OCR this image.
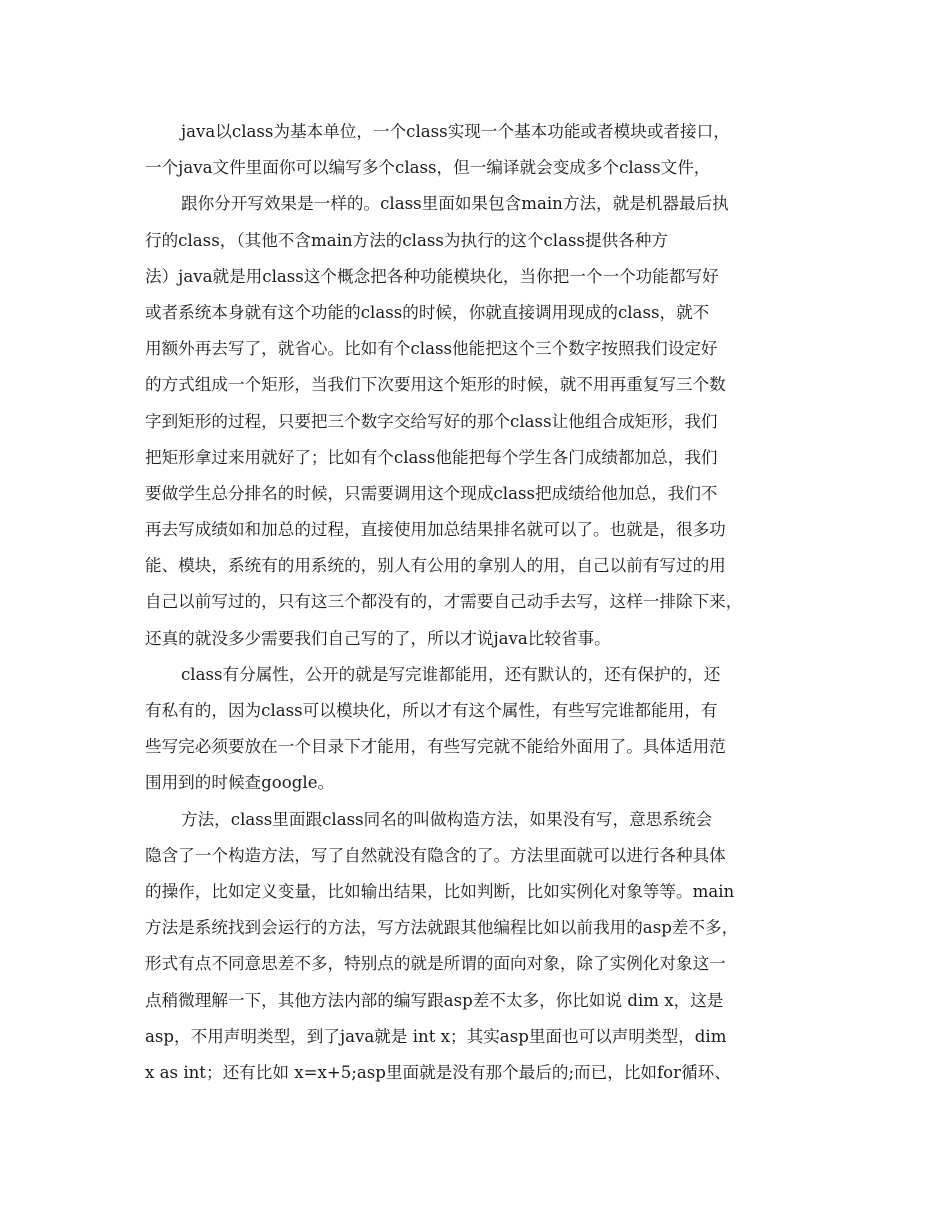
java以class为基本单位，一个class实现一个基本功能或者模块或者接口，
一个java文件里面你可以编写多个class，但一编译就会变成多个class文件，
跟你分开写效果是一样的。class里面如果包含main方法，就是机器最后执
行的class，（其他不含main方法的class为执行的这个class提供各种方
法）java就是用class这个概念把各种功能模块化，当你把一个一个功能都写好
或者系统本身就有这个功能的class的时候，你就直接调用现成的class，就不
用额外再去写了，就省心。比如有个class他能把这个三个数字按照我们设定好
的方式组成一个矩形，当我们下次要用这个矩形的时候，就不用再重复写三个数
字到矩形的过程，只要把三个数字交给写好的那个class让他组合成矩形，我们
把矩形拿过来用就好了；比如有个class他能把每个学生各门成绩都加总，我们
要做学生总分排名的时候，只需要调用这个现成class把成绩给他加总，我们不
再去写成绩如和加总的过程，直接使用加总结果排名就可以了。也就是，很多功
能、模块，系统有的用系统的，别人有公用的拿别人的用，自己以前有写过的用
自己以前写过的，只有这三个都没有的，才需要自己动手去写，这样一排除下来，
还真的就没多少需要我们自己写的了，所以才说java比较省事。
class有分属性，公开的就是写完谁都能用，还有默认的，还有保护的，还
有私有的，因为class可以模块化，所以才有这个属性，有些写完谁都能用，有
些写完必须要放在一个目录下才能用，有些写完就不能给外面用了。具体适用范
围用到的时候查google。
方法，class里面跟class同名的叫做构造方法，如果没有写，意思系统会
隐含了一个构造方法，写了自然就没有隐含的了。方法里面就可以进行各种具体
的操作，比如定义变量，比如输出结果，比如判断，比如实例化对象等等。main
方法是系统找到会运行的方法，写方法就跟其他编程比如以前我用的asp差不多，
形式有点不同意思差不多，特别点的就是所谓的面向对象，除了实例化对象这一
点稍微理解一下，其他方法内部的编写跟asp差不太多，你比如说 dim x，这是
asp，不用声明类型，到了java就是 int x；其实asp里面也可以声明类型，dim
x as int；还有比如 x=x+5;asp里面就是没有那个最后的;而已，比如for循环、
